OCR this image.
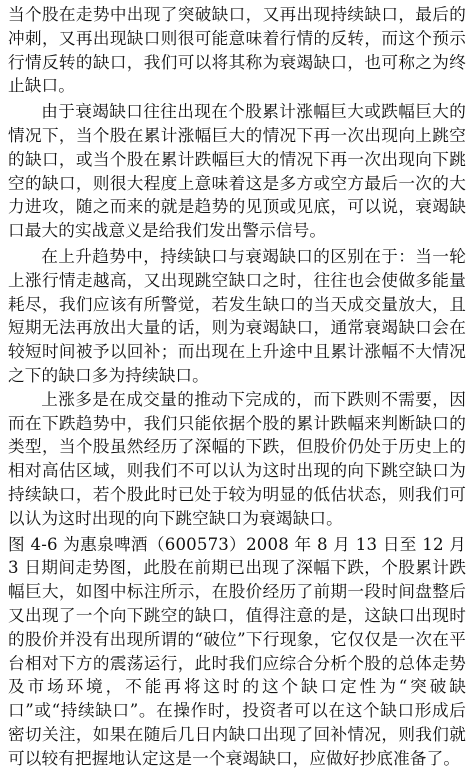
当个股在走势中出现了突破缺口，又再出现持续缺口，最后的冲刺，又再出现缺口则很可能意味着行情的反转，而这个预示行情反转的缺口，我们可以将其称为衰竭缺口，也可称之为终止缺口。

由于衰竭缺口往往出现在个股累计涨幅巨大或跌幅巨大的情况下，当个股在累计涨幅巨大的情况下再一次出现向上跳空的缺口，或当个股在累计跌幅巨大的情况下再一次出现向下跳空的缺口，则很大程度上意味着这是多方或空方最后一次的大力进攻，随之而来的就是趋势的见顶或见底，可以说，衰竭缺口最大的实战意义是给我们发出警示信号。

在上升趋势中，持续缺口与衰竭缺口的区别在于：当一轮上涨行情走越高，又出现跳空缺口之时，往往也会使做多能量耗尽，我们应该有所警觉，若发生缺口的当天成交量放大，且短期无法再放出大量的话，则为衰竭缺口，通常衰竭缺口会在较短时间被予以回补；而出现在上升途中且累计涨幅不大情况之下的缺口多为持续缺口。

上涨多是在成交量的推动下完成的，而下跌则不需要，因而在下跌趋势中，我们只能依据个股的累计跌幅来判断缺口的类型，当个股虽然经历了深幅的下跌，但股价仍处于历史上的相对高估区域，则我们不可以认为这时出现的向下跳空缺口为持续缺口，若个股此时已处于较为明显的低估状态，则我们可以认为这时出现的向下跳空缺口为衰竭缺口。

图 4-6 为惠泉啤酒（600573）2008 年 8 月 13 日至 12 月 3 日期间走势图，此股在前期已出现了深幅下跌，个股累计跌幅巨大，如图中标注所示，在股价经历了前期一段时间盘整后又出现了一个向下跳空的缺口，值得注意的是，这缺口出现时的股价并没有出现所谓的“破位”下行现象，它仅仅是一次在平台相对下方的震荡运行，此时我们应综合分析个股的总体走势及市场环境，不能再将这时的这个缺口定性为“突破缺口”或“持续缺口”。在操作时，投资者可以在这个缺口形成后密切关注，如果在随后几日内缺口出现了回补情况，则我们就可以较有把握地认定这是一个衰竭缺口，应做好抄底准备了。
